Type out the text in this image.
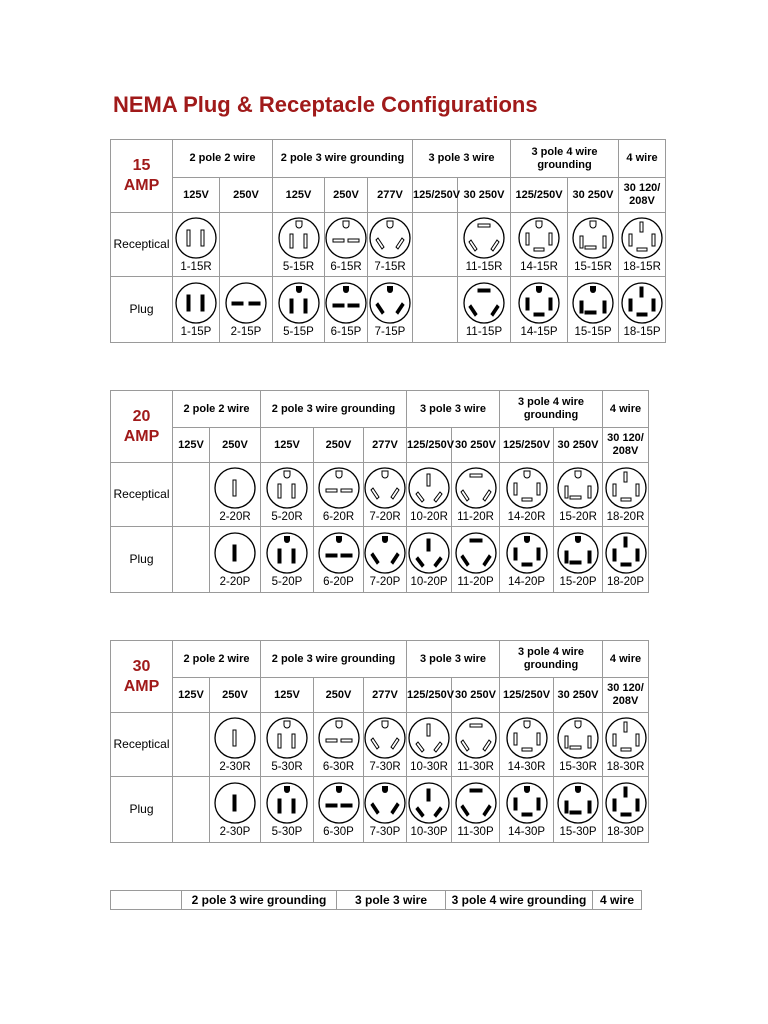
NEMA Plug & Receptacle Configurations
15
AMP	2 pole 2 wire		2 pole 3 wire grounding			3 pole 3 wire		3 pole 4 wire grounding		4 wire
	125V	250V	125V	250V	277V	125/250V	30 250V	125/250V	30 250V	30 120/ 208V
Receptical	1-15R		5-15R	6-15R	7-15R		11-15R	14-15R	15-15R	18-15R

Plug	1-15P	2-15P	5-15P	6-15P	7-15P		11-15P	14-15P	15-15P	18-15P
20
AMP	2 pole 2 wire		2 pole 3 wire grounding			3 pole 3 wire		3 pole 4 wire grounding		4 wire
	125V	250V	125V	250V	277V	125/250V	30 250V	125/250V	30 250V	30 120/ 208V
Receptical		2-20R	5-20R	6-20R	7-20R	10-20R	11-20R	14-20R	15-20R	18-20R

Plug		2-20P	5-20P	6-20P	7-20P	10-20P	11-20P	14-20P	15-20P	18-20P
30
AMP	2 pole 2 wire		2 pole 3 wire grounding			3 pole 3 wire		3 pole 4 wire grounding		4 wire
	125V	250V	125V	250V	277V	125/250V	30 250V	125/250V	30 250V	30 120/ 208V
Receptical		2-30R	5-30R	6-30R	7-30R	10-30R	11-30R	14-30R	15-30R	18-30R

Plug		2-30P	5-30P	6-30P	7-30P	10-30P	11-30P	14-30P	15-30P	18-30P
	2 pole 3 wire grounding	3 pole 3 wire	3 pole 4 wire grounding	4 wire
